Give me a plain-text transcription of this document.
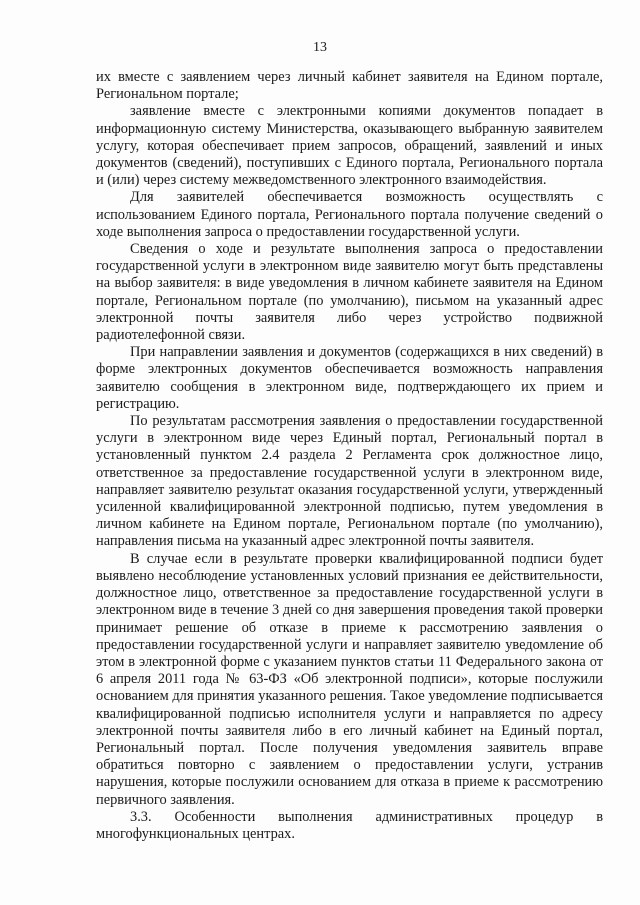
13

их вместе с заявлением через личный кабинет заявителя на Едином портале, Региональном портале;

заявление вместе с электронными копиями документов попадает в информационную систему Министерства, оказывающего выбранную заявителем услугу, которая обеспечивает прием запросов, обращений, заявлений и иных документов (сведений), поступивших с Единого портала, Регионального портала и (или) через систему межведомственного электронного взаимодействия.

Для заявителей обеспечивается возможность осуществлять с использованием Единого портала, Регионального портала получение сведений о ходе выполнения запроса о предоставлении государственной услуги.

Сведения о ходе и результате выполнения запроса о предоставлении государственной услуги в электронном виде заявителю могут быть представлены на выбор заявителя: в виде уведомления в личном кабинете заявителя на Едином портале, Региональном портале (по умолчанию), письмом на указанный адрес электронной почты заявителя либо через устройство подвижной радиотелефонной связи.

При направлении заявления и документов (содержащихся в них сведений) в форме электронных документов обеспечивается возможность направления заявителю сообщения в электронном виде, подтверждающего их прием и регистрацию.

По результатам рассмотрения заявления о предоставлении государственной услуги в электронном виде через Единый портал, Региональный портал в установленный пунктом 2.4 раздела 2 Регламента срок должностное лицо, ответственное за предоставление государственной услуги в электронном виде, направляет заявителю результат оказания государственной услуги, утвержденный усиленной квалифицированной электронной подписью, путем уведомления в личном кабинете на Едином портале, Региональном портале (по умолчанию), направления письма на указанный адрес электронной почты заявителя.

В случае если в результате проверки квалифицированной подписи будет выявлено несоблюдение установленных условий признания ее действительности, должностное лицо, ответственное за предоставление государственной услуги в электронном виде в течение 3 дней со дня завершения проведения такой проверки принимает решение об отказе в приеме к рассмотрению заявления о предоставлении государственной услуги и направляет заявителю уведомление об этом в электронной форме с указанием пунктов статьи 11 Федерального закона от 6 апреля 2011 года № 63-ФЗ «Об электронной подписи», которые послужили основанием для принятия указанного решения. Такое уведомление подписывается квалифицированной подписью исполнителя услуги и направляется по адресу электронной почты заявителя либо в его личный кабинет на Единый портал, Региональный портал. После получения уведомления заявитель вправе обратиться повторно с заявлением о предоставлении услуги, устранив нарушения, которые послужили основанием для отказа в приеме к рассмотрению первичного заявления.

3.3. Особенности выполнения административных процедур в многофункциональных центрах.
